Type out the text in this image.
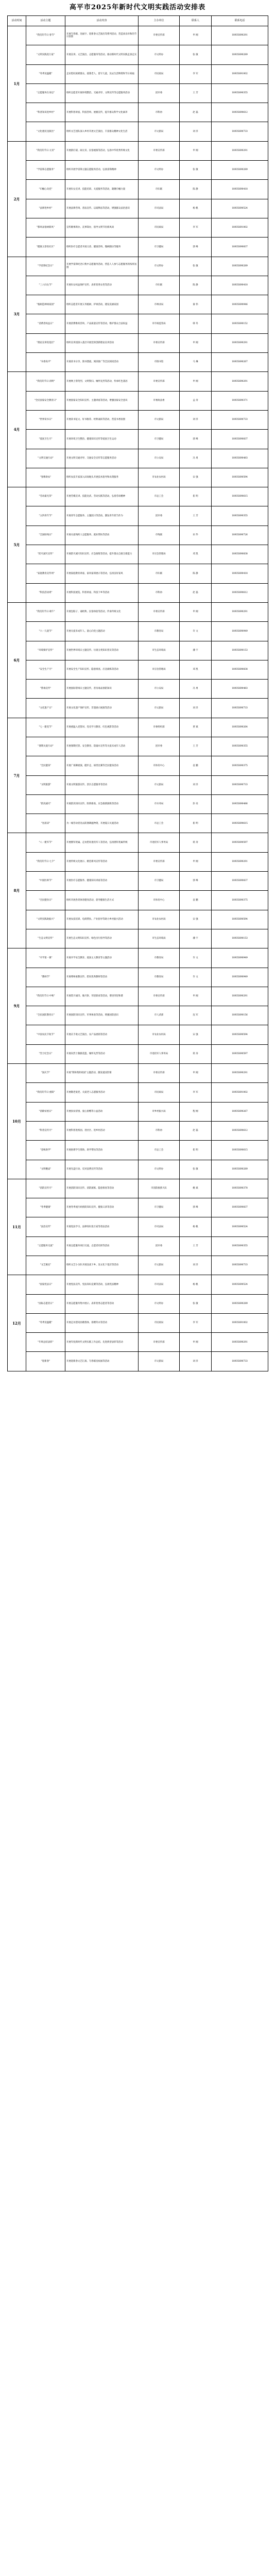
高平市2025年新时代文明实践活动安排表
活动时间	活动主题	活动内容	主办单位	联系人	联系电话
1月	"我们的节日·春节"	开展写春联、送福字、迎新春文艺演出等系列活动，营造欢乐祥和的节日氛围	市委宣传部	申 刚	18935690291
	"文明实践进万家"	开展宣讲、文艺演出、志愿服务等活动，推动新时代文明实践走深走实	市文明办	张 敏	18935690289
	"冬季送温暖"	走访慰问困难群众、孤寡老人、留守儿童，送去生活物资和节日祝福	市民政局	李 军	18935691002
	"志愿服务在身边"	组织志愿者开展环境整治、交通劝导、文明宣传等志愿服务活动	团市委	王 芳	18935690355
	"科普知识进乡村"	开展科普讲座、科技咨询、展板宣传，提升群众科学文化素养	市科协	赵 磊	18935690612
	"文化惠民送演出"	组织文艺团队深入乡村开展文艺演出，丰富群众精神文化生活	市文旅局	刘 洋	18935690733
2月	"我们的节日·元宵"	开展猜灯谜、闹元宵、民俗展演等活动，弘扬中华优秀传统文化	市委宣传部	申 刚	18935690291
	"学雷锋志愿服务"	组织开展学雷锋主题志愿服务活动，弘扬雷锋精神	市文明办	张 敏	18935690289
	"巾帼心向党"	开展妇女宣讲、技能培训、关爱服务等活动，凝聚巾帼力量	市妇联	陈 静	18935690418
	"法律进乡村"	开展法律咨询、普法宣传、以案释法等活动，增强群众法治意识	市司法局	杨 帆	18935690524
	"移风易俗树新风"	宣传婚事新办、丧事简办，倡导文明节俭新风尚	市民政局	李 军	18935691002
	"健康义诊进社区"	组织医疗志愿者开展义诊、健康咨询、慢病随访等服务	市卫健局	郭 峰	18935690837
3月	"学雷锋纪念日"	开展学雷锋纪念日集中志愿服务活动，营造人人参与志愿服务的浓厚氛围	市文明办	张 敏	18935690289
	"三八妇女节"	开展妇女权益保护宣传、表彰优秀女性等活动	市妇联	陈 静	18935690418
	"植树造林绿家园"	组织志愿者开展义务植树、护绿活动，建设美丽家园	市林业局	秦 伟	18935690946
	"消费者权益日"	开展消费维权咨询、产品质量宣传等活动，维护群众合法权益	市市场监管局	韩 冬	18935690152
	"理论宣讲进基层"	组织宣讲团深入基层开展党的创新理论宣讲活动	市委宣传部	申 刚	18935690291
	"书香高平"	开展读书分享、图书漂流、阅读推广等全民阅读活动	市图书馆	马 琳	18935690267
4月	"我们的节日·清明"	开展网上祭英烈、文明祭扫、缅怀先烈等活动，传承红色基因	市委宣传部	申 刚	18935690291
	"全民国家安全教育日"	开展国家安全知识宣传、主题讲座等活动，增强国家安全意识	市委政法委	孟 涛	18935690371
	"世界读书日"	开展读书征文、好书推荐、经典诵读等活动，营造书香氛围	市文旅局	刘 洋	18935690733
	"爱国卫生月"	开展环境卫生整治、健康知识宣传等爱国卫生运动	市卫健局	郭 峰	18935690837
	"文明交通行动"	开展文明交通劝导、交通安全宣传等志愿服务活动	市公安局	冯 勇	18935690483
	"春耕助农"	组织农技专家深入田间地头开展技术指导和农资服务	市农业农村局	宋 强	18935690594
5月	"劳动最光荣"	开展劳模宣讲、技能比武、劳动实践等活动，弘扬劳动精神	市总工会	崔 明	18935690615
	"五四青年节"	开展青年志愿服务、主题团日等活动，激发青年担当作为	团市委	王 芳	18935690355
	"全国助残日"	开展关爱残疾人志愿服务、就业帮扶等活动	市残联	田 华	18935690726
	"防灾减灾宣传"	开展防灾减灾知识宣传、应急演练等活动，提升群众自救互救能力	市应急管理局	邓 凯	18935690838
	"家庭教育宣传周"	开展家庭教育讲座、家风家训展示等活动，弘扬良好家风	市妇联	陈 静	18935690418
	"科技活动周"	开展科技展览、科普讲座、科技下乡等活动	市科协	赵 磊	18935690612
6月	"我们的节日·端午"	开展包粽子、诵经典、民俗体验等活动，传承传统文化	市委宣传部	申 刚	18935690291
	"六一儿童节"	开展关爱未成年人、童心向党主题活动	市教育局	许 文	18935690949
	"环境保护宣传"	开展世界环境日主题宣传、垃圾分类知识普及等活动	市生态环境局	潘 宇	18935690153
	"安全生产月"	开展安全生产知识宣传、隐患排查、应急演练等活动	市应急管理局	邓 凯	18935690838
	"禁毒宣传"	开展国际禁毒日主题宣传，普及毒品预防知识	市公安局	冯 勇	18935690483
	"文化遗产日"	开展文化遗产保护宣传、非遗展示展演等活动	市文旅局	刘 洋	18935690733
7月	"七一建党节"	开展重温入党誓词、党史学习教育、红色观影等活动	市委组织部	贾 斌	18935690264
	"暑期关爱行动"	开展暑期托管、安全教育、防溺水宣传等关爱未成年人活动	团市委	王 芳	18935690355
	"全民健身"	开展广场舞展演、健步走、球类比赛等全民健身活动	市体育中心	袁 鹏	18935690375
	"文明旅游"	开展文明旅游宣传、景区志愿服务等活动	市文旅局	刘 洋	18935690733
	"防汛减灾"	开展防汛知识宣传、险情排查、应急救援演练等活动	市水务局	彭 亮	18935690486
	"送清凉"	为一线劳动者送去防暑降温物资，开展夏日关爱活动	市总工会	崔 明	18935690615
8月	"八一建军节"	开展拥军优属、走访慰问退役军人等活动，弘扬拥军优属传统	市退役军人事务局	蒋 涛	18935690597
	"我们的节日·七夕"	开展传统文化展示、婚恋新风宣传等活动	市委宣传部	申 刚	18935690291
	"中国医师节"	开展医疗志愿服务、健康知识讲座等活动	市卫健局	郭 峰	18935690837
	"全民健身日"	组织开展各类体育健身活动，倡导健康生活方式	市体育中心	袁 鹏	18935690375
	"文明实践助振兴"	开展农技培训、电商帮扶、产业指导等助力乡村振兴活动	市农业农村局	宋 强	18935690594
	"生态文明宣传"	开展生态文明知识宣传、绿色出行倡导等活动	市生态环境局	潘 宇	18935690153
9月	"开学第一课"	开展开学安全教育、爱国主义教育等主题活动	市教育局	许 文	18935690949
	"教师节"	开展尊师重教宣传、慰问优秀教师等活动	市教育局	许 文	18935690949
	"我们的节日·中秋"	开展赏月诵诗、做月饼、邻里联欢等活动，增进邻里和谐	市委宣传部	申 刚	18935690291
	"全民国防教育日"	开展国防知识宣传、军事体验等活动，增强国防意识	市人武部	沈 军	18935690156
	"中国农民丰收节"	开展庆丰收文艺演出、农产品展销等活动	市农业农村局	宋 强	18935690594
	"烈士纪念日"	开展向烈士敬献花篮、缅怀先烈等活动	市退役军人事务局	蒋 涛	18935690597
10月	"国庆节"	开展"我和我的祖国"主题活动，激发爱国热情	市委宣传部	申 刚	18935690291
	"我们的节日·重阳"	开展敬老爱老、关爱老人志愿服务活动	市民政局	李 军	18935691002
	"消除贫困日"	开展扶贫济困、爱心捐赠等公益活动	市乡村振兴局	程 刚	18935690267
	"科普宣传月"	开展科普进校园、进社区、进乡村活动	市科协	赵 磊	18935690612
	"金秋助学"	开展困难学生资助、助学帮扶等活动	市总工会	崔 明	18935690615
	"文明餐桌"	开展光盘行动、反对浪费宣传等活动	市文明办	张 敏	18935690289
11月	"消防宣传月"	开展消防知识宣传、消防演练、隐患排查等活动	市消防救援大队	姚 斌	18935690378
	"冬季健康"	开展冬季流行病预防知识宣传、健康义诊等活动	市卫健局	郭 峰	18935690837
	"法治宣传"	开展宪法学习、法律知识进万家等普法活动	市司法局	杨 帆	18935690524
	"志愿服务交流"	开展志愿服务项目交流、志愿者培训等活动	团市委	王 芳	18935690355
	"文艺惠民"	组织文艺小分队开展送戏下乡、送文化下基层等活动	市文旅局	刘 洋	18935690733
12月	"国家宪法日"	开展宪法宣传、宪法知识竞赛等活动，弘扬宪法精神	市司法局	杨 帆	18935690524
	"国际志愿者日"	开展志愿服务集中展示、表彰优秀志愿者等活动	市文明办	张 敏	18935690289
	"冬季送温暖"	开展走访慰问困难群体、捐赠冬衣等活动	市民政局	李 军	18935691002
	"年终总结表彰"	开展年度新时代文明实践工作总结、先进典型表彰等活动	市委宣传部	申 刚	18935690291
	"迎新春"	开展迎新春文艺汇演、写春联送祝福等活动	市文旅局	刘 洋	18935690733
